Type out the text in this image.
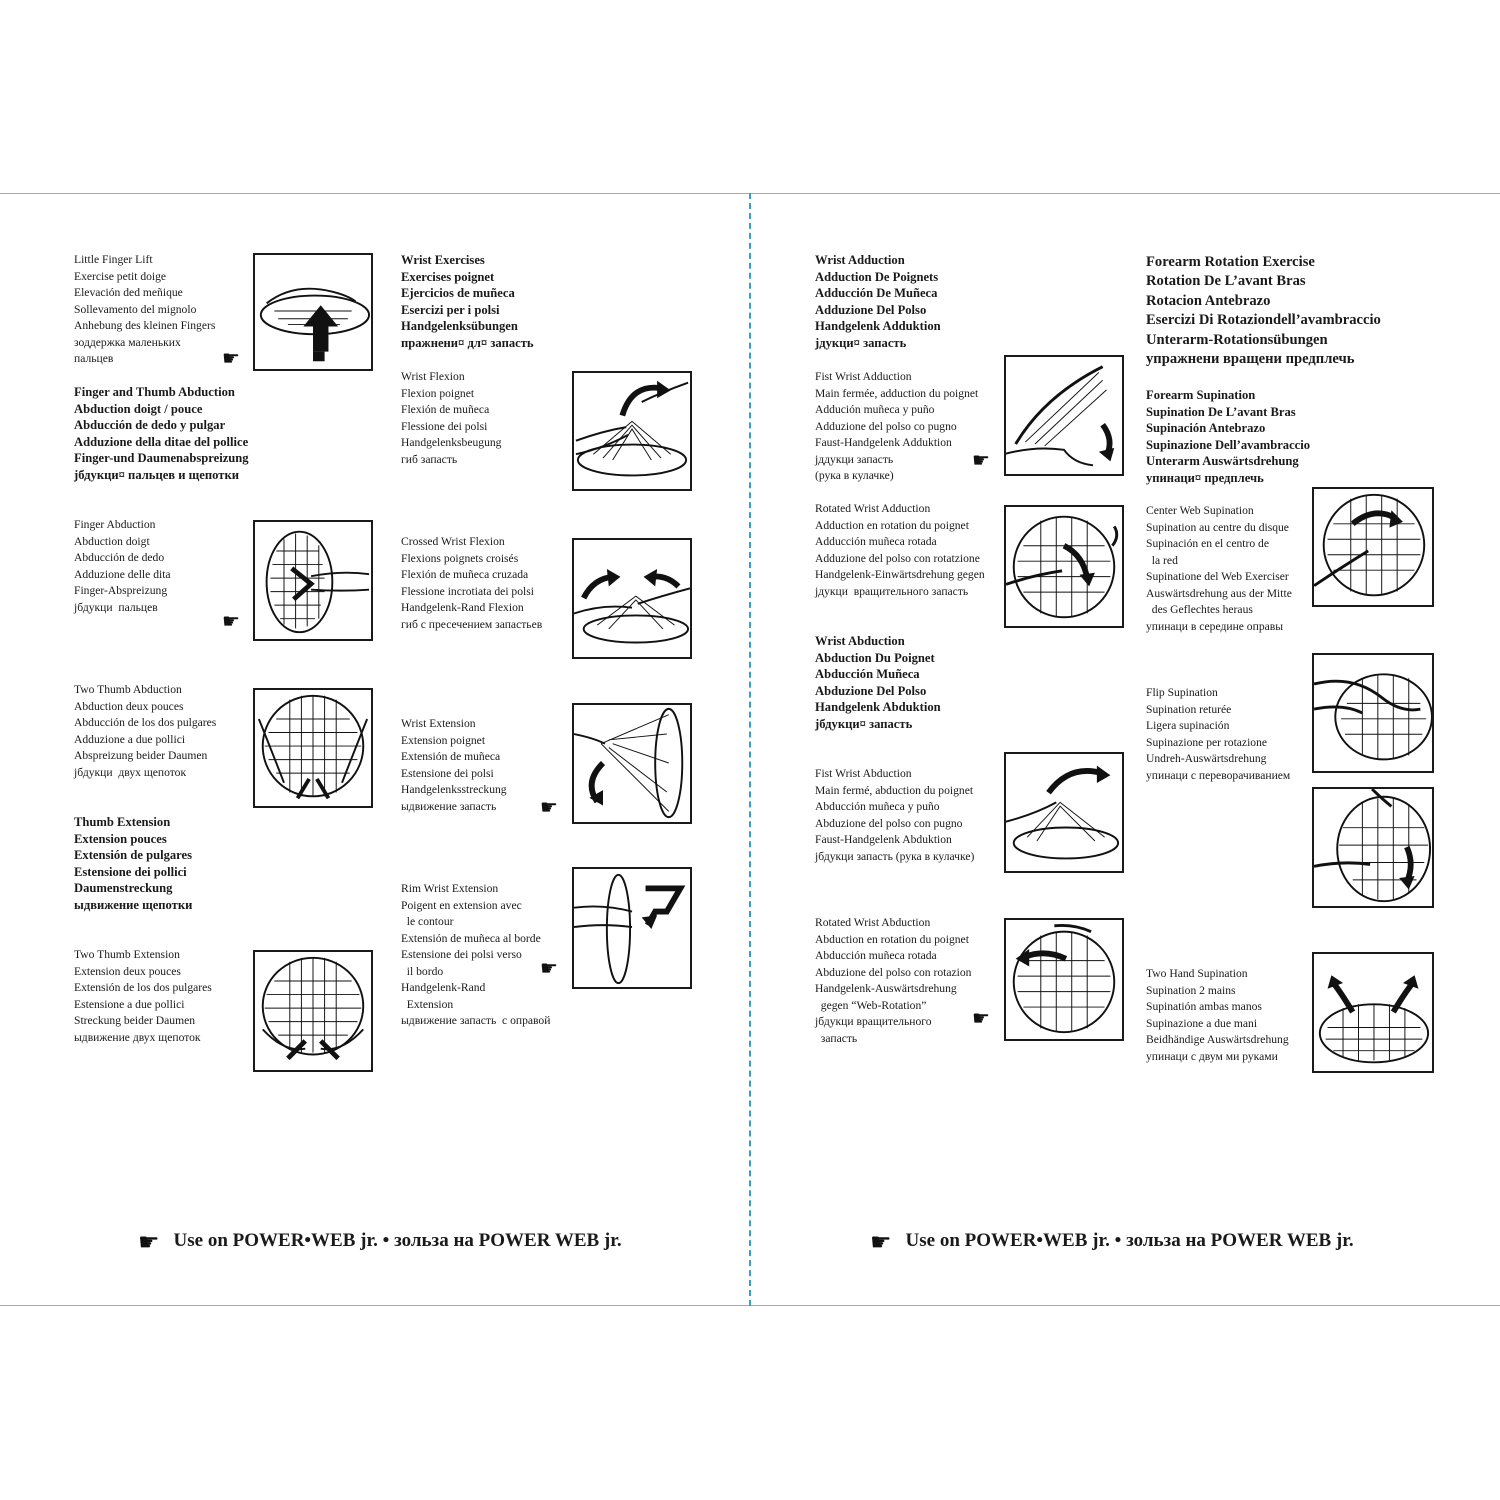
Little Finger Lift
Exercise petit doige
Elevación ded meñique
Sollevamento del mignolo
Anhebung des kleinen Fingers
зоддержка маленьких
пальцев	☛
Finger and Thumb Abduction
Abduction doigt / pouce
Abducción de dedo y pulgar
Adduzione della ditae del pollice
Finger-und Daumenabspreizung
јбдукци¤ пальцев и щепотки
Finger Abduction
Abduction doigt
Abducción de dedo
Adduzione delle dita
Finger-Abspreizung
јбдукци  пальцев
☛
Two Thumb Abduction
Abduction deux pouces
Abducción de los dos pulgares
Adduzione a due pollici
Abspreizung beider Daumen
јбдукци  двух щепоток
Thumb Extension
Extension pouces
Extensión de pulgares
Estensione dei pollici
Daumenstreckung
ыдвижение щепотки
Two Thumb Extension
Extension deux pouces
Extensión de los dos pulgares
Estensione a due pollici
Streckung beider Daumen
ыдвижение двух щепоток
Wrist Exercises
Exercises poignet
Ejercicios de muñeca
Esercizi per i polsi
Handgelenksübungen
пражнени¤ дл¤ запасть
Wrist Flexion
Flexion poignet
Flexión de muñeca
Flessione dei polsi
Handgelenksbeugung
гиб запасть
Crossed Wrist Flexion
Flexions poignets croisés
Flexión de muñeca cruzada
Flessione incrotiata dei polsi
Handgelenk-Rand Flexion
гиб с пресечением запастьев
Wrist Extension
Extension poignet
Extensión de muñeca
Estensione dei polsi
Handgelenksstreckung
ыдвижение запасть	☛
Rim Wrist Extension
Poigent en extension avec
le contour
Extensión de muñeca al borde
Estensione dei polsi verso
il bordo
Handgelenk-Rand
Extension
ыдвижение запасть  с оправой
☛
☛ Use on POWER•WEB jr. • зольза на POWER WEB jr.
Wrist Adduction
Adduction De Poignets
Adducción De Muñeca
Adduzione Del Polso
Handgelenk Adduktion
јдукци¤ запасть
Fist Wrist Adduction
Main fermée, adduction du poignet
Addución muñeca y puño
Adduzione del polso co pugno
Faust-Handgelenk Adduktion
јддукци запасть
(рука в кулачке)
☛
Rotated Wrist Adduction
Adduction en rotation du poignet
Adducción muñeca rotada
Adduzione del polso con rotatzione
Handgelenk-Einwärtsdrehung gegen
јдукци  вращительного запасть
Wrist Abduction
Abduction Du Poignet
Abducción Muñeca
Abduzione Del Polso
Handgelenk Abduktion
јбдукци¤ запасть
Fist Wrist Abduction
Main fermé, abduction du poignet
Abducción muñeca y puño
Abduzione del polso con pugno
Faust-Handgelenk Abduktion
јбдукци запасть (рука в кулачке)
Rotated Wrist Abduction
Abduction en rotation du poignet
Abducción muñeca rotada
Abduzione del polso con rotazion
Handgelenk-Auswärtsdrehung
gegen “Web-Rotation”
јбдукци вращительного
запасть
☛
Forearm Rotation Exercise
Rotation De L’avant Bras
Rotacion Antebrazo
Esercizi Di Rotaziondell’avambraccio
Unterarm-Rotationsübungen
упражнени вращени предплечь
Forearm Supination
Supination De L’avant Bras
Supinación Antebrazo
Supinazione Dell’avambraccio
Unterarm Auswärtsdrehung
упинаци¤ предплечь
Center Web Supination
Supination au centre du disque
Supinación en el centro de
la red
Supinatione del Web Exerciser
Auswärtsdrehung aus der Mitte
des Geflechtes heraus
упинаци в середине оправы
Flip Supination
Supination returée
Ligera supinación
Supinazione per rotazione
Undreh-Auswärtsdrehung
упинаци с переворачиванием
Two Hand Supination
Supination 2 mains
Supinatión ambas manos
Supinazione a due mani
Beidhändige Auswärtsdrehung
упинаци с двум ми руками
☛ Use on POWER•WEB jr. • зольза на POWER WEB jr.
